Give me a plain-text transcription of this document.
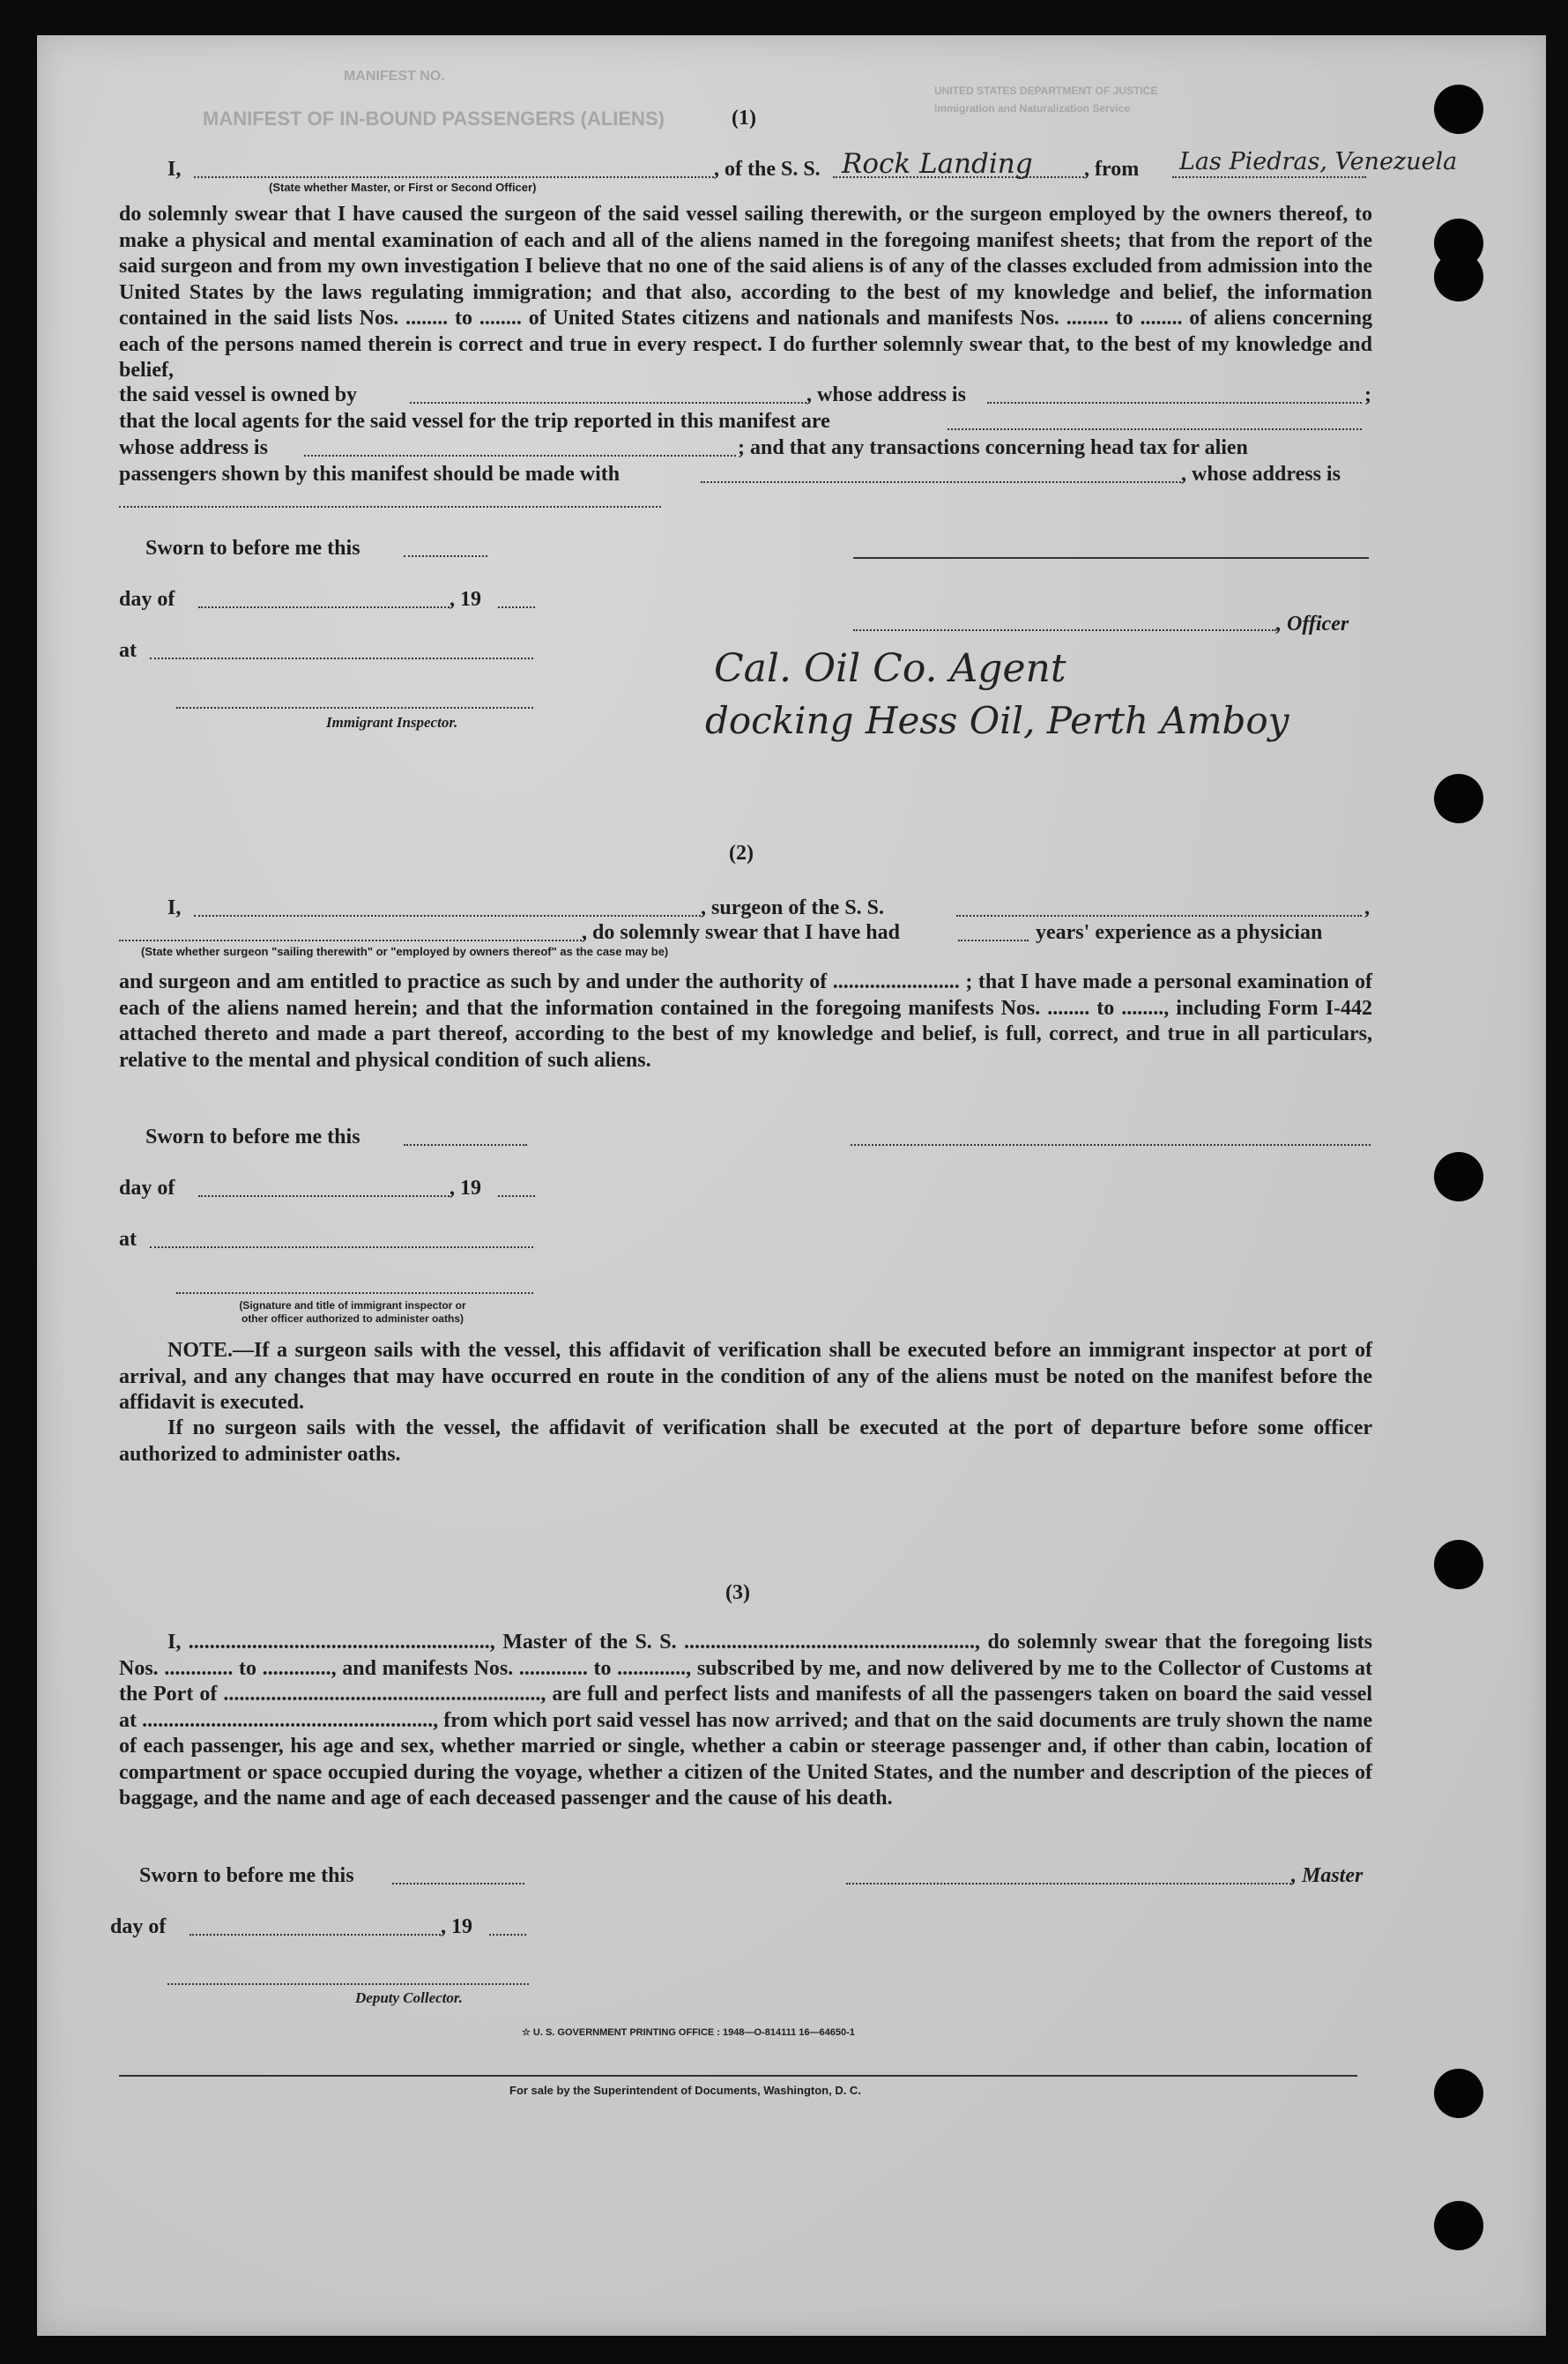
MANIFEST NO.
MANIFEST OF IN-BOUND PASSENGERS (ALIENS)
UNITED STATES DEPARTMENT OF JUSTICE
Immigration and Naturalization Service
(1)
I,	, of the S. S. Rock Landing , from Las Piedras, Venezuela
(State whether Master, or First or Second Officer)
do solemnly swear that I have caused the surgeon of the said vessel sailing therewith, or the surgeon employed by the owners thereof, to make a physical and mental examination of each and all of the aliens named in the foregoing manifest sheets; that from the report of the said surgeon and from my own investigation I believe that no one of the said aliens is of any of the classes excluded from admission into the United States by the laws regulating immigration; and that also, according to the best of my knowledge and belief, the information contained in the said lists Nos. ........ to ........ of United States citizens and nationals and manifests Nos. ........ to ........ of aliens concerning each of the persons named therein is correct and true in every respect. I do further solemnly swear that, to the best of my knowledge and belief,
the said vessel is owned by	, whose address is	;
that the local agents for the said vessel for the trip reported in this manifest are
whose address is	; and that any transactions concerning head tax for alien
passengers shown by this manifest should be made with	, whose address is
Sworn to before me this
day of	, 19
, Officer
at
Immigrant Inspector.
Cal. Oil Co. Agent
docking Hess Oil, Perth Amboy
(2)
I,	, surgeon of the S. S.	,
, do solemnly swear that I have had	years' experience as a physician
(State whether surgeon "sailing therewith" or "employed by owners thereof" as the case may be)
and surgeon and am entitled to practice as such by and under the authority of ........................ ; that I have made a personal examination of each of the aliens named herein; and that the information contained in the foregoing manifests Nos. ........ to ........, including Form I-442 attached thereto and made a part thereof, according to the best of my knowledge and belief, is full, correct, and true in all particulars, relative to the mental and physical condition of such aliens.
Sworn to before me this
day of	, 19
at
(Signature and title of immigrant inspector or
other officer authorized to administer oaths)
NOTE.—If a surgeon sails with the vessel, this affidavit of verification shall be executed before an immigrant inspector at port of arrival, and any changes that may have occurred en route in the condition of any of the aliens must be noted on the manifest before the affidavit is executed.
If no surgeon sails with the vessel, the affidavit of verification shall be executed at the port of departure before some officer authorized to administer oaths.
(3)
I, ........................................................., Master of the S. S. ......................................................., do solemnly swear that the foregoing lists Nos. ............. to ............., and manifests Nos. ............. to ............., subscribed by me, and now delivered by me to the Collector of Customs at the Port of ............................................................, are full and perfect lists and manifests of all the passengers taken on board the said vessel at ......................................................., from which port said vessel has now arrived; and that on the said documents are truly shown the name of each passenger, his age and sex, whether married or single, whether a cabin or steerage passenger and, if other than cabin, location of compartment or space occupied during the voyage, whether a citizen of the United States, and the number and description of the pieces of baggage, and the name and age of each deceased passenger and the cause of his death.
Sworn to before me this	, Master
day of	, 19
Deputy Collector.
☆ U. S. GOVERNMENT PRINTING OFFICE : 1948—O-814111 16—64650-1
For sale by the Superintendent of Documents, Washington, D. C.
